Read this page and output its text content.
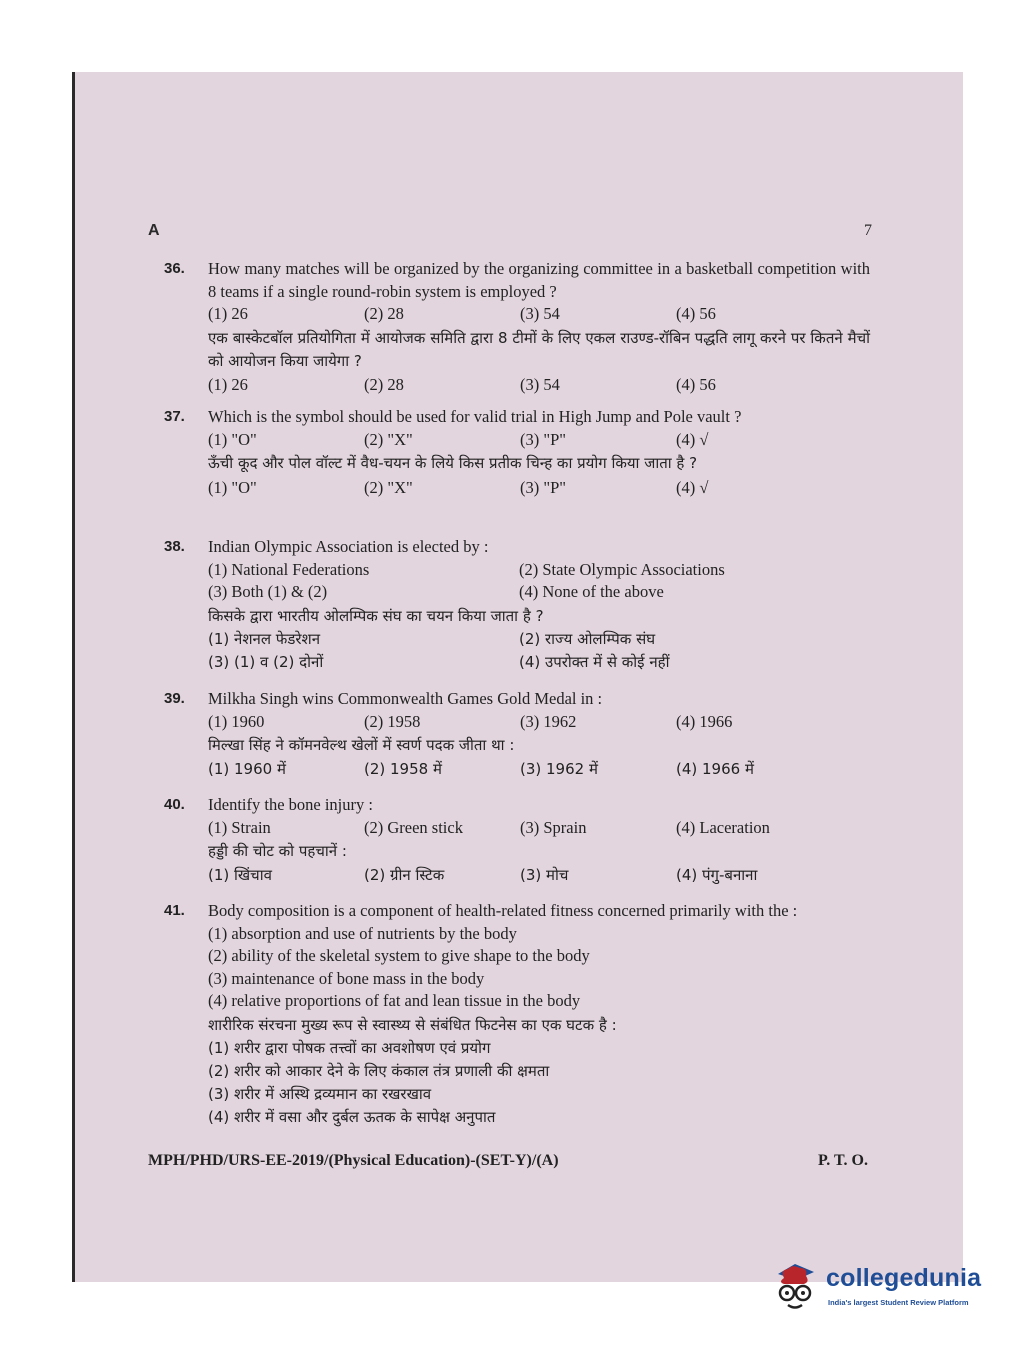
A	7
36. How many matches will be organized by the organizing committee in a basketball competition with 8 teams if a single round-robin system is employed ?
(1) 26	(2) 28	(3) 54	(4) 56
एक बास्केटबॉल प्रतियोगिता में आयोजक समिति द्वारा 8 टीमों के लिए एकल राउण्ड-रॉबिन पद्धति लागू करने पर कितने मैचों को आयोजन किया जायेगा ?
(1) 26	(2) 28	(3) 54	(4) 56
37. Which is the symbol should be used for valid trial in High Jump and Pole vault ?
(1) "O"	(2) "X"	(3) "P"	(4) √
ऊँची कूद और पोल वॉल्ट में वैध-चयन के लिये किस प्रतीक चिन्ह का प्रयोग किया जाता है ?
(1) "O"	(2) "X"	(3) "P"	(4) √
38. Indian Olympic Association is elected by :
(1) National Federations	(2) State Olympic Associations
(3) Both (1) & (2)	(4) None of the above
किसके द्वारा भारतीय ओलम्पिक संघ का चयन किया जाता है ?
(1) नेशनल फेडरेशन	(2) राज्य ओलम्पिक संघ
(3) (1) व (2) दोनों	(4) उपरोक्त में से कोई नहीं
39. Milkha Singh wins Commonwealth Games Gold Medal in :
(1) 1960	(2) 1958	(3) 1962	(4) 1966
मिल्खा सिंह ने कॉमनवेल्थ खेलों में स्वर्ण पदक जीता था :
(1) 1960 में	(2) 1958 में	(3) 1962 में	(4) 1966 में
40. Identify the bone injury :
(1) Strain	(2) Green stick	(3) Sprain	(4) Laceration
हड्डी की चोट को पहचानें :
(1) खिंचाव	(2) ग्रीन स्टिक	(3) मोच	(4) पंगु-बनाना
41. Body composition is a component of health-related fitness concerned primarily with the :
(1) absorption and use of nutrients by the body
(2) ability of the skeletal system to give shape to the body
(3) maintenance of bone mass in the body
(4) relative proportions of fat and lean tissue in the body
शारीरिक संरचना मुख्य रूप से स्वास्थ्य से संबंधित फिटनेस का एक घटक है :
(1) शरीर द्वारा पोषक तत्त्वों का अवशोषण एवं प्रयोग
(2) शरीर को आकार देने के लिए कंकाल तंत्र प्रणाली की क्षमता
(3) शरीर में अस्थि द्रव्यमान का रखरखाव
(4) शरीर में वसा और दुर्बल ऊतक के सापेक्ष अनुपात
MPH/PHD/URS-EE-2019/(Physical Education)-(SET-Y)/(A)	P. T. O.
collegedunia
India's largest Student Review Platform
